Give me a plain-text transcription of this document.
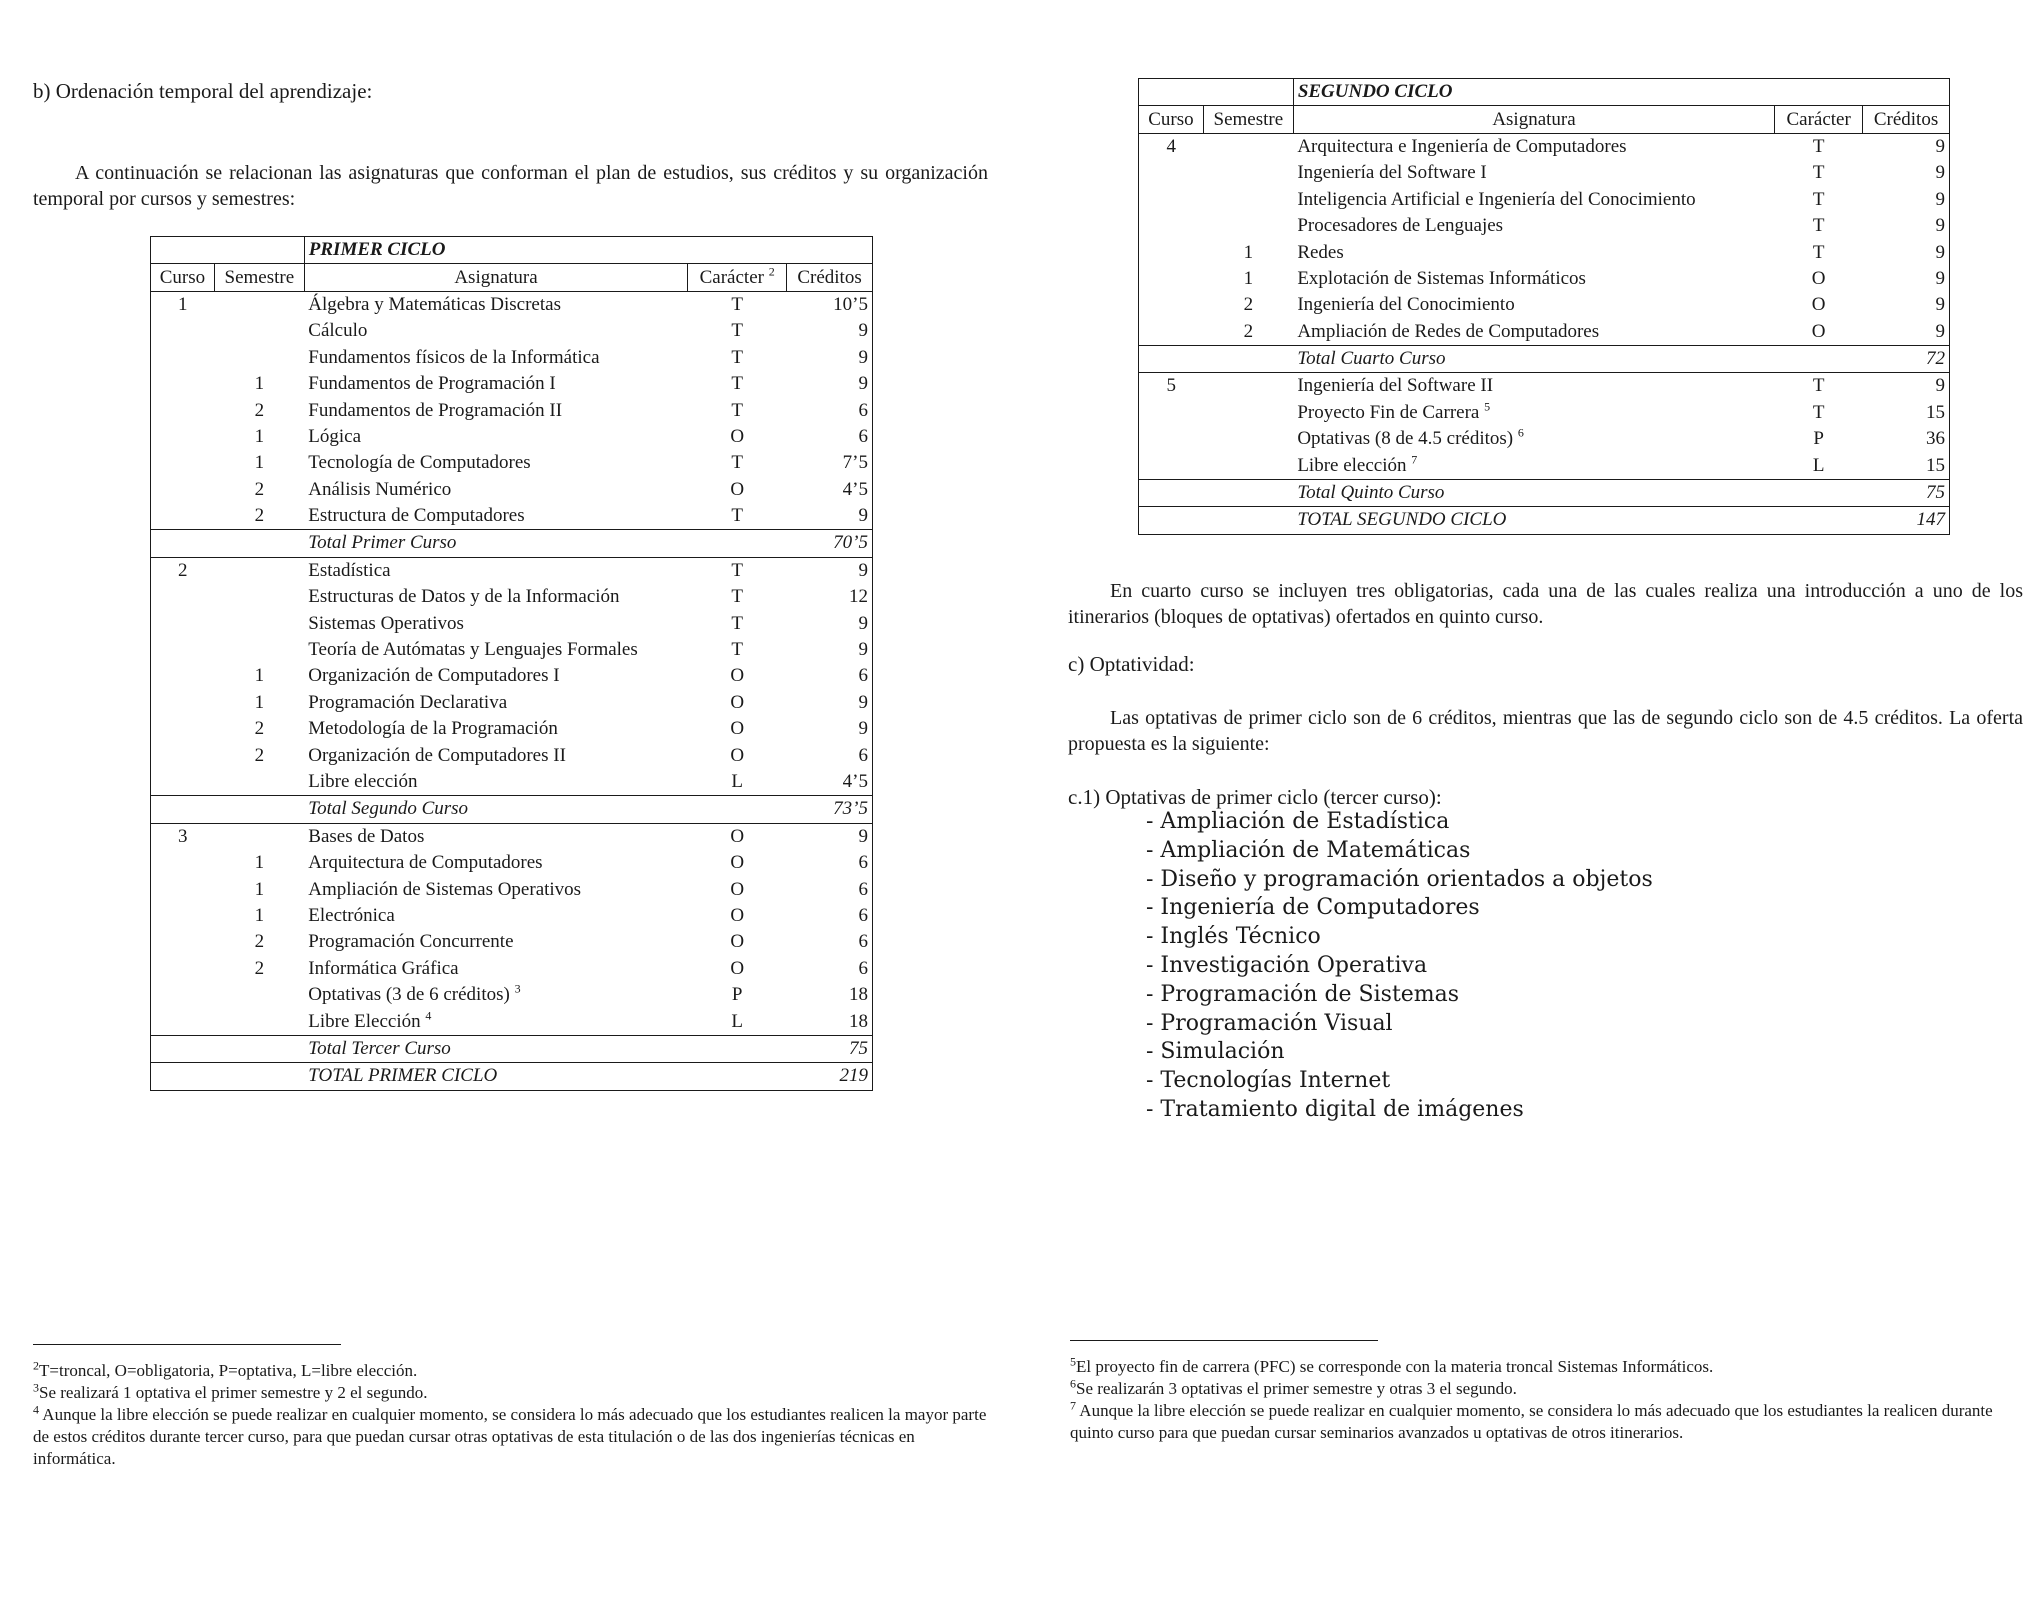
b) Ordenación temporal del aprendizaje:
A continuación se relacionan las asignaturas que conforman el plan de estudios, sus créditos y su organización temporal por cursos y semestres:
		PRIMER CICLO		
Curso	Semestre	Asignatura	Carácter $^2$	Créditos
1		Álgebra y Matemáticas Discretas	T	10’5
		Cálculo	T	9
		Fundamentos físicos de la Informática	T	9
	1	Fundamentos de Programación I	T	9
	2	Fundamentos de Programación II	T	6
	1	Lógica	O	6
	1	Tecnología de Computadores	T	7’5
	2	Análisis Numérico	O	4’5
	2	Estructura de Computadores	T	9
		Total Primer Curso		70’5
2		Estadística	T	9
		Estructuras de Datos y de la Información	T	12
		Sistemas Operativos	T	9
		Teoría de Autómatas y Lenguajes Formales	T	9
	1	Organización de Computadores I	O	6
	1	Programación Declarativa	O	9
	2	Metodología de la Programación	O	9
	2	Organización de Computadores II	O	6
		Libre elección	L	4’5
		Total Segundo Curso		73’5
3		Bases de Datos	O	9
	1	Arquitectura de Computadores	O	6
	1	Ampliación de Sistemas Operativos	O	6
	1	Electrónica	O	6
	2	Programación Concurrente	O	6
	2	Informática Gráfica	O	6
		Optativas (3 de 6 créditos) $^3$	P	18
		Libre Elección $^4$	L	18
		Total Tercer Curso		75
		TOTAL PRIMER CICLO		219
$^2$T=troncal, O=obligatoria, P=optativa, L=libre elección.
$^3$Se realizará 1 optativa el primer semestre y 2 el segundo.
$^4$ Aunque la libre elección se puede realizar en cualquier momento, se considera lo más adecuado que los estudiantes realicen la mayor parte de estos créditos durante tercer curso, para que puedan cursar otras optativas de esta titulación o de las dos ingenierías técnicas en informática.
		SEGUNDO CICLO		
Curso	Semestre	Asignatura	Carácter	Créditos
4		Arquitectura e Ingeniería de Computadores	T	9
		Ingeniería del Software I	T	9
		Inteligencia Artificial e Ingeniería del Conocimiento	T	9
		Procesadores de Lenguajes	T	9
	1	Redes	T	9
	1	Explotación de Sistemas Informáticos	O	9
	2	Ingeniería del Conocimiento	O	9
	2	Ampliación de Redes de Computadores	O	9
		Total Cuarto Curso		72
5		Ingeniería del Software II	T	9
		Proyecto Fin de Carrera $^5$	T	15
		Optativas (8 de 4.5 créditos) $^6$	P	36
		Libre elección $^7$	L	15
		Total Quinto Curso		75
		TOTAL SEGUNDO CICLO		147
En cuarto curso se incluyen tres obligatorias, cada una de las cuales realiza una introducción a uno de los itinerarios (bloques de optativas) ofertados en quinto curso.
c) Optatividad:
Las optativas de primer ciclo son de 6 créditos, mientras que las de segundo ciclo son de 4.5 créditos. La oferta propuesta es la siguiente:
c.1) Optativas de primer ciclo (tercer curso):
- Ampliación de Estadística
- Ampliación de Matemáticas
- Diseño y programación orientados a objetos
- Ingeniería de Computadores
- Inglés Técnico
- Investigación Operativa
- Programación de Sistemas
- Programación Visual
- Simulación
- Tecnologías Internet
- Tratamiento digital de imágenes
$^5$El proyecto fin de carrera (PFC) se corresponde con la materia troncal Sistemas Informáticos.
$^6$Se realizarán 3 optativas el primer semestre y otras 3 el segundo.
$^7$ Aunque la libre elección se puede realizar en cualquier momento, se considera lo más adecuado que los estudiantes la realicen durante quinto curso para que puedan cursar seminarios avanzados u optativas de otros itinerarios.
